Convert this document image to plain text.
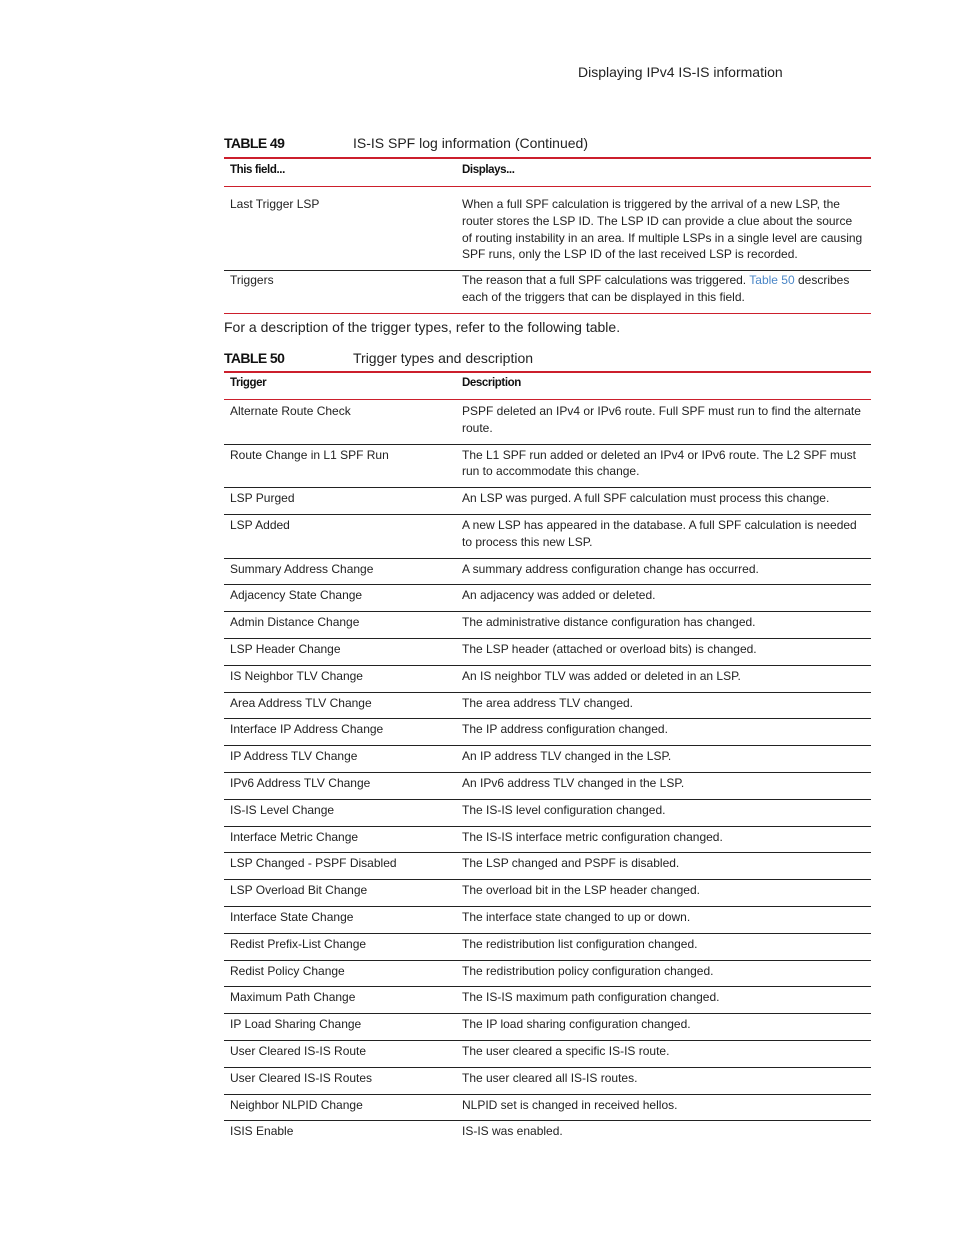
Displaying IPv4 IS-IS information
TABLE 49	IS-IS SPF log information (Continued)
This field...	Displays...
Last Trigger LSP	When a full SPF calculation is triggered by the arrival of a new LSP, the router stores the LSP ID. The LSP ID can provide a clue about the source of routing instability in an area. If multiple LSPs in a single level are causing SPF runs, only the LSP ID of the last received LSP is recorded.
Triggers	The reason that a full SPF calculations was triggered. Table 50 describes each of the triggers that can be displayed in this field.
For a description of the trigger types, refer to the following table.
TABLE 50	Trigger types and description
Trigger	Description
Alternate Route Check	PSPF deleted an IPv4 or IPv6 route. Full SPF must run to find the alternate route.
Route Change in L1 SPF Run	The L1 SPF run added or deleted an IPv4 or IPv6 route. The L2 SPF must run to accommodate this change.
LSP Purged	An LSP was purged. A full SPF calculation must process this change.
LSP Added	A new LSP has appeared in the database. A full SPF calculation is needed to process this new LSP.
Summary Address Change	A summary address configuration change has occurred.
Adjacency State Change	An adjacency was added or deleted.
Admin Distance Change	The administrative distance configuration has changed.
LSP Header Change	The LSP header (attached or overload bits) is changed.
IS Neighbor TLV Change	An IS neighbor TLV was added or deleted in an LSP.
Area Address TLV Change	The area address TLV changed.
Interface IP Address Change	The IP address configuration changed.
IP Address TLV Change	An IP address TLV changed in the LSP.
IPv6 Address TLV Change	An IPv6 address TLV changed in the LSP.
IS-IS Level Change	The IS-IS level configuration changed.
Interface Metric Change	The IS-IS interface metric configuration changed.
LSP Changed - PSPF Disabled	The LSP changed and PSPF is disabled.
LSP Overload Bit Change	The overload bit in the LSP header changed.
Interface State Change	The interface state changed to up or down.
Redist Prefix-List Change	The redistribution list configuration changed.
Redist Policy Change	The redistribution policy configuration changed.
Maximum Path Change	The IS-IS maximum path configuration changed.
IP Load Sharing Change	The IP load sharing configuration changed.
User Cleared IS-IS Route	The user cleared a specific IS-IS route.
User Cleared IS-IS Routes	The user cleared all IS-IS routes.
Neighbor NLPID Change	NLPID set is changed in received hellos.
ISIS Enable	IS-IS was enabled.
